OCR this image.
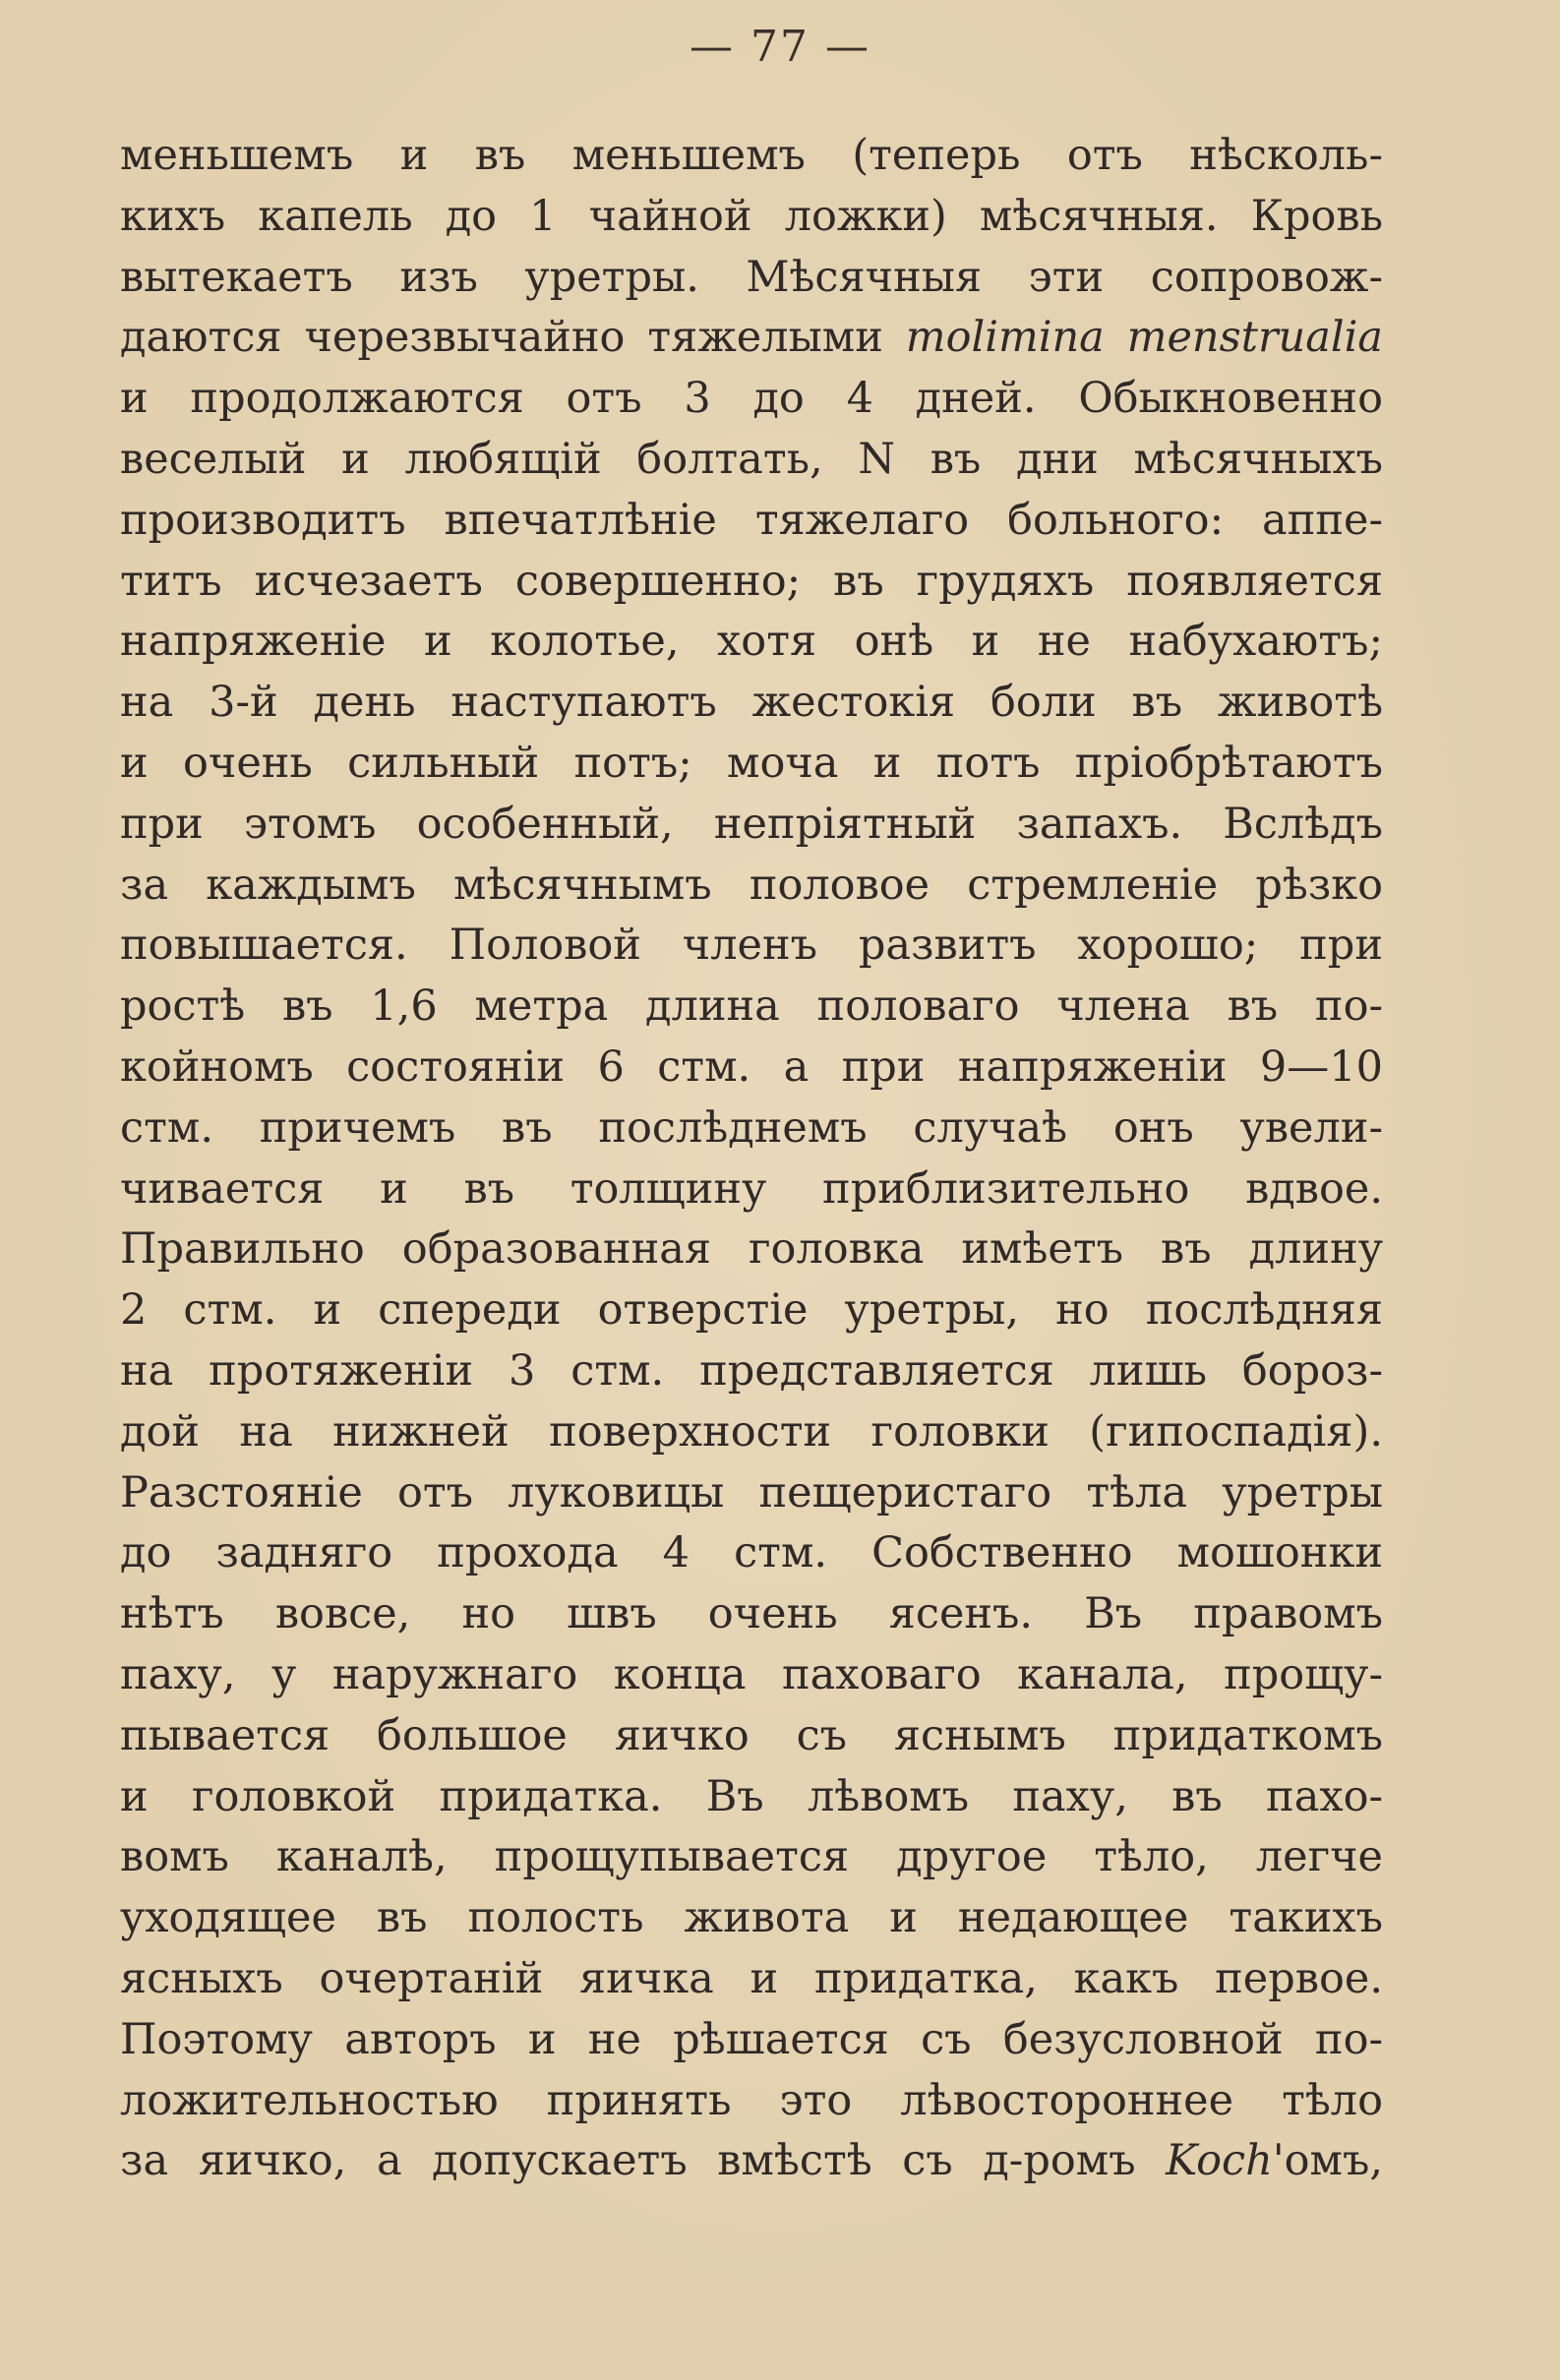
— 77 —
меньшемъ и въ меньшемъ (теперь отъ нѣсколь-
кихъ капель до 1 чайной ложки) мѣсячныя. Кровь
вытекаетъ изъ уретры. Мѣсячныя эти сопровож-
даются черезвычайно тяжелыми molimina menstrualia
и продолжаются отъ 3 до 4 дней. Обыкновенно
веселый и любящій болтать, N въ дни мѣсячныхъ
производитъ впечатлѣніе тяжелаго больного: аппе-
титъ исчезаетъ совершенно; въ грудяхъ появляется
напряженіе и колотье, хотя онѣ и не набухаютъ;
на 3-й день наступаютъ жестокія боли въ животѣ
и очень сильный потъ; моча и потъ пріобрѣтаютъ
при этомъ особенный, непріятный запахъ. Вслѣдъ
за каждымъ мѣсячнымъ половое стремленіе рѣзко
повышается. Половой членъ развитъ хорошо; при
ростѣ въ 1,6 метра длина половаго члена въ по-
койномъ состояніи 6 стм. а при напряженіи 9—10
стм. причемъ въ послѣднемъ случаѣ онъ увели-
чивается и въ толщину приблизительно вдвое.
Правильно образованная головка имѣетъ въ длину
2 стм. и спереди отверстіе уретры, но послѣдняя
на протяженіи 3 стм. представляется лишь бороз-
дой на нижней поверхности головки (гипоспадія).
Разстояніе отъ луковицы пещеристаго тѣла уретры
до задняго прохода 4 стм. Собственно мошонки
нѣтъ вовсе, но швъ очень ясенъ. Въ правомъ
паху, у наружнаго конца паховаго канала, прощу-
пывается большое яичко съ яснымъ придаткомъ
и головкой придатка. Въ лѣвомъ паху, въ пахо-
вомъ каналѣ, прощупывается другое тѣло, легче
уходящее въ полость живота и недающее такихъ
ясныхъ очертаній яичка и придатка, какъ первое.
Поэтому авторъ и не рѣшается съ безусловной по-
ложительностью принять это лѣвостороннее тѣло
за яичко, а допускаетъ вмѣстѣ съ д-ромъ Koch'омъ,
